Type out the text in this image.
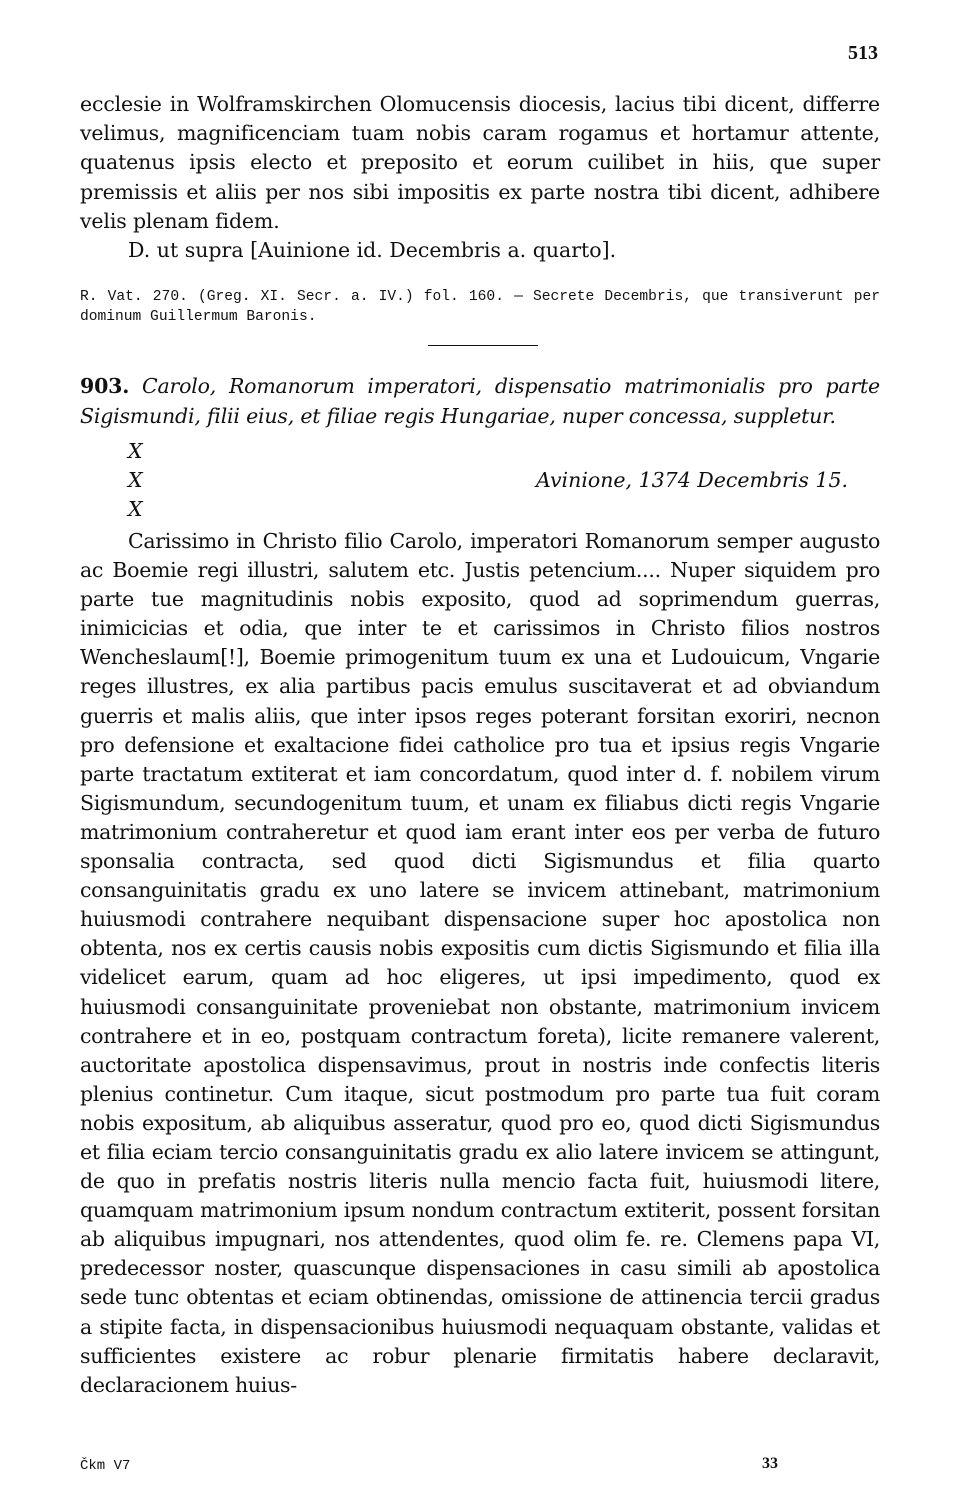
513

ecclesie in Wolframskirchen Olomucensis diocesis, lacius tibi dicent, differre velimus, magnificenciam tuam nobis caram rogamus et hortamur attente, quatenus ipsis electo et preposito et eorum cuilibet in hiis, que super premissis et aliis per nos sibi impositis ex parte nostra tibi dicent, adhibere velis plenam fidem.

D. ut supra [Auinione id. Decembris a. quarto].

R. Vat. 270. (Greg. XI. Secr. a. IV.) fol. 160. — Secrete Decembris, que transiverunt per dominum Guillermum Baronis.

903. Carolo, Romanorum imperatori, dispensatio matrimonialis pro parte Sigismundi, filii eius, et filiae regis Hungariae, nuper concessa, suppletur.

X
X
X
Avinione, 1374 Decembris 15.

Carissimo in Christo filio Carolo, imperatori Romanorum semper augusto ac Boemie regi illustri, salutem etc. Justis petencium.... Nuper siquidem pro parte tue magnitudinis nobis exposito, quod ad soprimendum guerras, inimicicias et odia, que inter te et carissimos in Christo filios nostros Wencheslaum[!], Boemie primogenitum tuum ex una et Ludouicum, Vngarie reges illustres, ex alia partibus pacis emulus suscitaverat et ad obviandum guerris et malis aliis, que inter ipsos reges poterant forsitan exoriri, necnon pro defensione et exaltacione fidei catholice pro tua et ipsius regis Vngarie parte tractatum extiterat et iam concordatum, quod inter d. f. nobilem virum Sigismundum, secundogenitum tuum, et unam ex filiabus dicti regis Vngarie matrimonium contraheretur et quod iam erant inter eos per verba de futuro sponsalia contracta, sed quod dicti Sigismundus et filia quarto consanguinitatis gradu ex uno latere se invicem attinebant, matrimonium huiusmodi contrahere nequibant dispensacione super hoc apostolica non obtenta, nos ex certis causis nobis expositis cum dictis Sigismundo et filia illa videlicet earum, quam ad hoc eligeres, ut ipsi impedimento, quod ex huiusmodi consanguinitate proveniebat non obstante, matrimonium invicem contrahere et in eo, postquam contractum foreta), licite remanere valerent, auctoritate apostolica dispensavimus, prout in nostris inde confectis literis plenius continetur. Cum itaque, sicut postmodum pro parte tua fuit coram nobis expositum, ab aliquibus asseratur, quod pro eo, quod dicti Sigismundus et filia eciam tercio consanguinitatis gradu ex alio latere invicem se attingunt, de quo in prefatis nostris literis nulla mencio facta fuit, huiusmodi litere, quamquam matrimonium ipsum nondum contractum extiterit, possent forsitan ab aliquibus impugnari, nos attendentes, quod olim fe. re. Clemens papa VI, predecessor noster, quascunque dispensaciones in casu simili ab apostolica sede tunc obtentas et eciam obtinendas, omissione de attinencia tercii gradus a stipite facta, in dispensacionibus huiusmodi nequaquam obstante, validas et sufficientes existere ac robur plenarie firmitatis habere declaravit, declaracionem huius-

Čkm V7	33
